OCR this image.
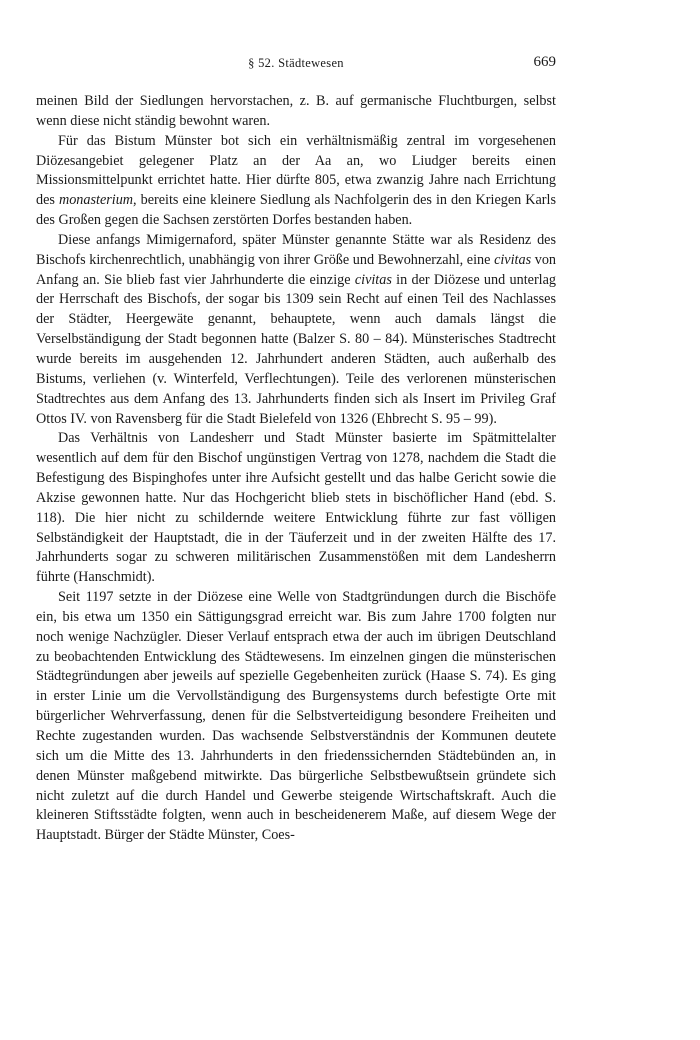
§ 52. Städtewesen	669

meinen Bild der Siedlungen hervorstachen, z. B. auf germanische Fluchtburgen, selbst wenn diese nicht ständig bewohnt waren.

Für das Bistum Münster bot sich ein verhältnismäßig zentral im vorgesehenen Diözesangebiet gelegener Platz an der Aa an, wo Liudger bereits einen Missionsmittelpunkt errichtet hatte. Hier dürfte 805, etwa zwanzig Jahre nach Errichtung des monasterium, bereits eine kleinere Siedlung als Nachfolgerin des in den Kriegen Karls des Großen gegen die Sachsen zerstörten Dorfes bestanden haben.

Diese anfangs Mimigernaford, später Münster genannte Stätte war als Residenz des Bischofs kirchenrechtlich, unabhängig von ihrer Größe und Bewohnerzahl, eine civitas von Anfang an. Sie blieb fast vier Jahrhunderte die einzige civitas in der Diözese und unterlag der Herrschaft des Bischofs, der sogar bis 1309 sein Recht auf einen Teil des Nachlasses der Städter, Heergewäte genannt, behauptete, wenn auch damals längst die Verselbständigung der Stadt begonnen hatte (Balzer S. 80 – 84). Münsterisches Stadtrecht wurde bereits im ausgehenden 12. Jahrhundert anderen Städten, auch außerhalb des Bistums, verliehen (v. Winterfeld, Verflechtungen). Teile des verlorenen münsterischen Stadtrechtes aus dem Anfang des 13. Jahrhunderts finden sich als Insert im Privileg Graf Ottos IV. von Ravensberg für die Stadt Bielefeld von 1326 (Ehbrecht S. 95 – 99).

Das Verhältnis von Landesherr und Stadt Münster basierte im Spätmittelalter wesentlich auf dem für den Bischof ungünstigen Vertrag von 1278, nachdem die Stadt die Befestigung des Bispinghofes unter ihre Aufsicht gestellt und das halbe Gericht sowie die Akzise gewonnen hatte. Nur das Hochgericht blieb stets in bischöflicher Hand (ebd. S. 118). Die hier nicht zu schildernde weitere Entwicklung führte zur fast völligen Selbständigkeit der Hauptstadt, die in der Täuferzeit und in der zweiten Hälfte des 17. Jahrhunderts sogar zu schweren militärischen Zusammenstößen mit dem Landesherrn führte (Hanschmidt).

Seit 1197 setzte in der Diözese eine Welle von Stadtgründungen durch die Bischöfe ein, bis etwa um 1350 ein Sättigungsgrad erreicht war. Bis zum Jahre 1700 folgten nur noch wenige Nachzügler. Dieser Verlauf entsprach etwa der auch im übrigen Deutschland zu beobachtenden Entwicklung des Städtewesens. Im einzelnen gingen die münsterischen Städtegründungen aber jeweils auf spezielle Gegebenheiten zurück (Haase S. 74). Es ging in erster Linie um die Vervollständigung des Burgensystems durch befestigte Orte mit bürgerlicher Wehrverfassung, denen für die Selbstverteidigung besondere Freiheiten und Rechte zugestanden wurden. Das wachsende Selbstverständnis der Kommunen deutete sich um die Mitte des 13. Jahrhunderts in den friedenssichernden Städtebünden an, in denen Münster maßgebend mitwirkte. Das bürgerliche Selbstbewußtsein gründete sich nicht zuletzt auf die durch Handel und Gewerbe steigende Wirtschaftskraft. Auch die kleineren Stiftsstädte folgten, wenn auch in bescheidenerem Maße, auf diesem Wege der Hauptstadt. Bürger der Städte Münster, Coes-
